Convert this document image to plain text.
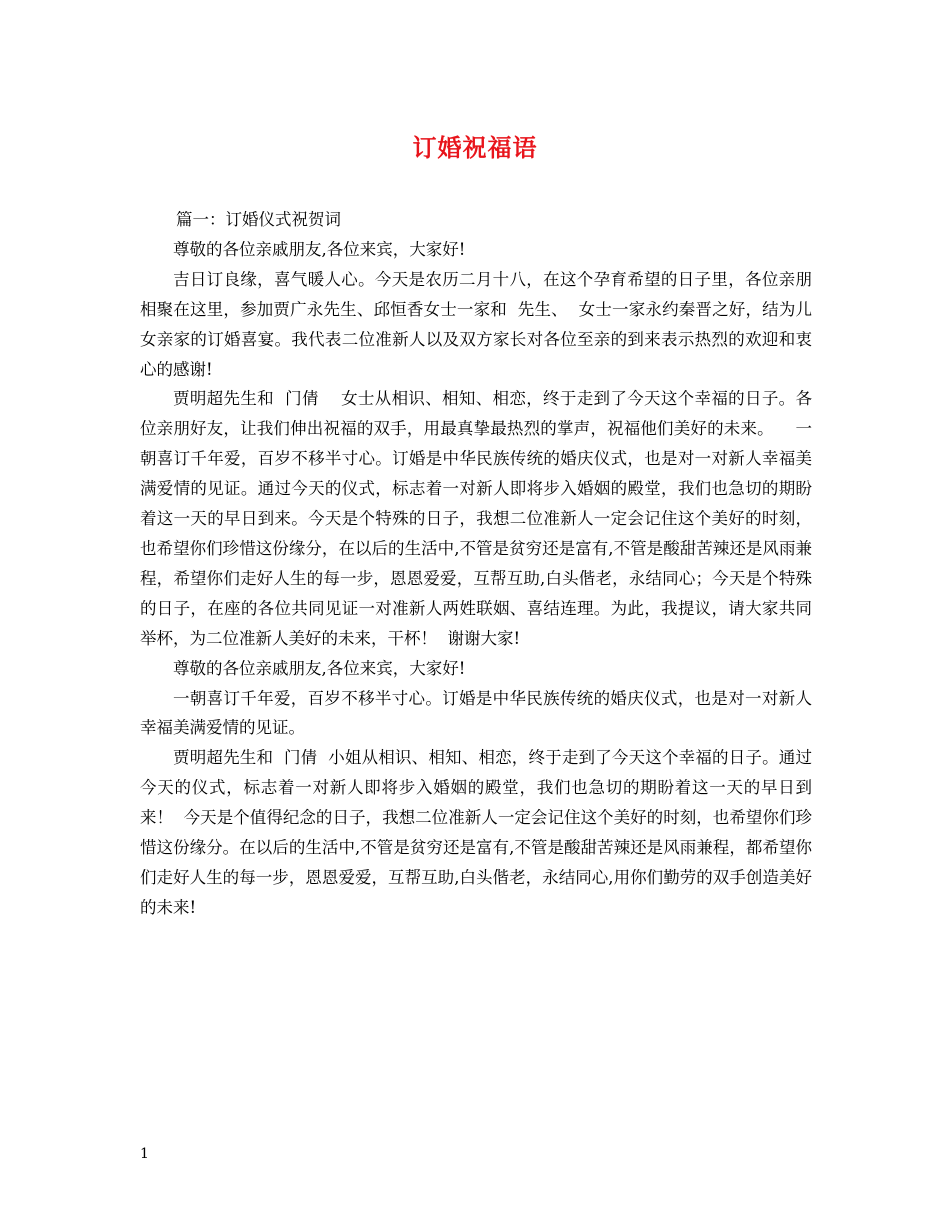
订婚祝福语

篇一：订婚仪式祝贺词

尊敬的各位亲戚朋友,各位来宾，大家好!

吉日订良缘，喜气暖人心。今天是农历二月十八，在这个孕育希望的日子里，各位亲朋相聚在这里，参加贾广永先生、邱恒香女士一家和  先生、  女士一家永约秦晋之好，结为儿女亲家的订婚喜宴。我代表二位准新人以及双方家长对各位至亲的到来表示热烈的欢迎和衷心的感谢!

贾明超先生和  门倩    女士从相识、相知、相恋，终于走到了今天这个幸福的日子。各位亲朋好友，让我们伸出祝福的双手，用最真挚最热烈的掌声，祝福他们美好的未来。    一朝喜订千年爱，百岁不移半寸心。订婚是中华民族传统的婚庆仪式，也是对一对新人幸福美满爱情的见证。通过今天的仪式，标志着一对新人即将步入婚姻的殿堂，我们也急切的期盼着这一天的早日到来。今天是个特殊的日子，我想二位准新人一定会记住这个美好的时刻，也希望你们珍惜这份缘分，在以后的生活中,不管是贫穷还是富有,不管是酸甜苦辣还是风雨兼程，希望你们走好人生的每一步，恩恩爱爱，互帮互助,白头偕老，永结同心；今天是个特殊的日子，在座的各位共同见证一对准新人两姓联姻、喜结连理。为此，我提议，请大家共同举杯，为二位准新人美好的未来，干杯！  谢谢大家!

尊敬的各位亲戚朋友,各位来宾，大家好!

一朝喜订千年爱，百岁不移半寸心。订婚是中华民族传统的婚庆仪式，也是对一对新人幸福美满爱情的见证。

贾明超先生和  门倩  小姐从相识、相知、相恋，终于走到了今天这个幸福的日子。通过今天的仪式，标志着一对新人即将步入婚姻的殿堂，我们也急切的期盼着这一天的早日到来！  今天是个值得纪念的日子，我想二位准新人一定会记住这个美好的时刻，也希望你们珍惜这份缘分。在以后的生活中,不管是贫穷还是富有,不管是酸甜苦辣还是风雨兼程，都希望你们走好人生的每一步，恩恩爱爱，互帮互助,白头偕老，永结同心,用你们勤劳的双手创造美好的未来!

1
